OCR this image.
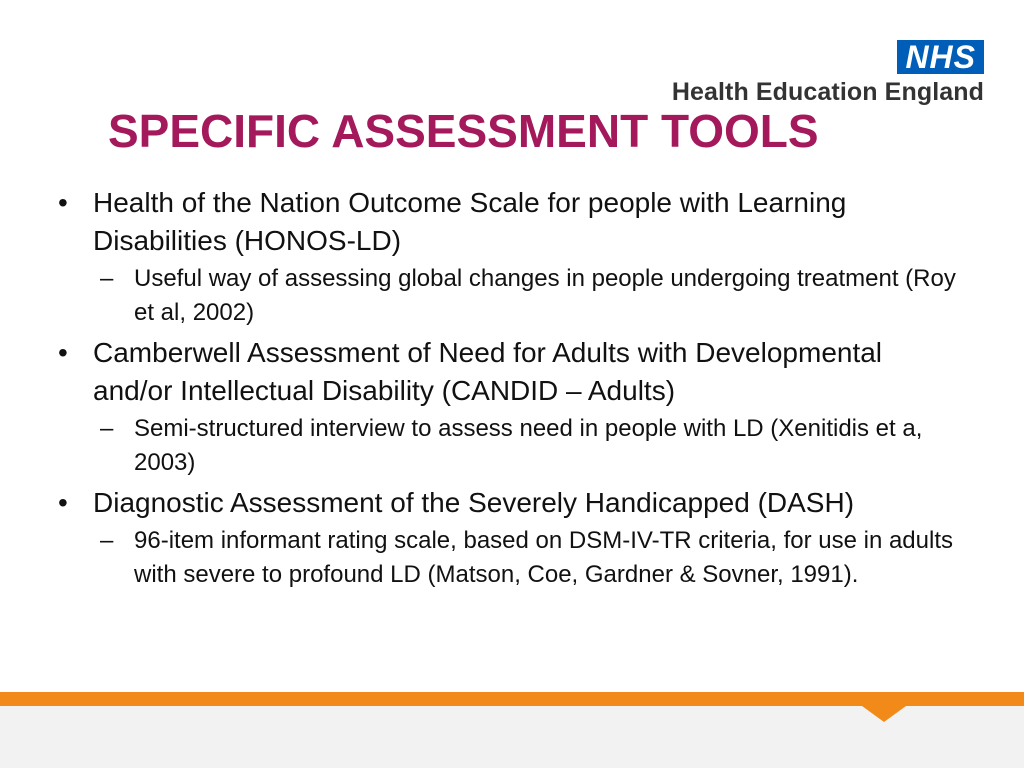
NHS
Health Education England
SPECIFIC ASSESSMENT TOOLS
• Health of the Nation Outcome Scale for people with Learning Disabilities (HONOS-LD)
– Useful way of assessing global changes in people undergoing treatment (Roy et al, 2002)
• Camberwell Assessment of Need for Adults with Developmental and/or Intellectual Disability (CANDID – Adults)
– Semi-structured interview to assess need in people with LD (Xenitidis et a, 2003)
• Diagnostic Assessment of the Severely Handicapped (DASH)
– 96-item informant rating scale, based on DSM-IV-TR criteria, for use in adults with severe to profound LD (Matson, Coe, Gardner & Sovner, 1991).
